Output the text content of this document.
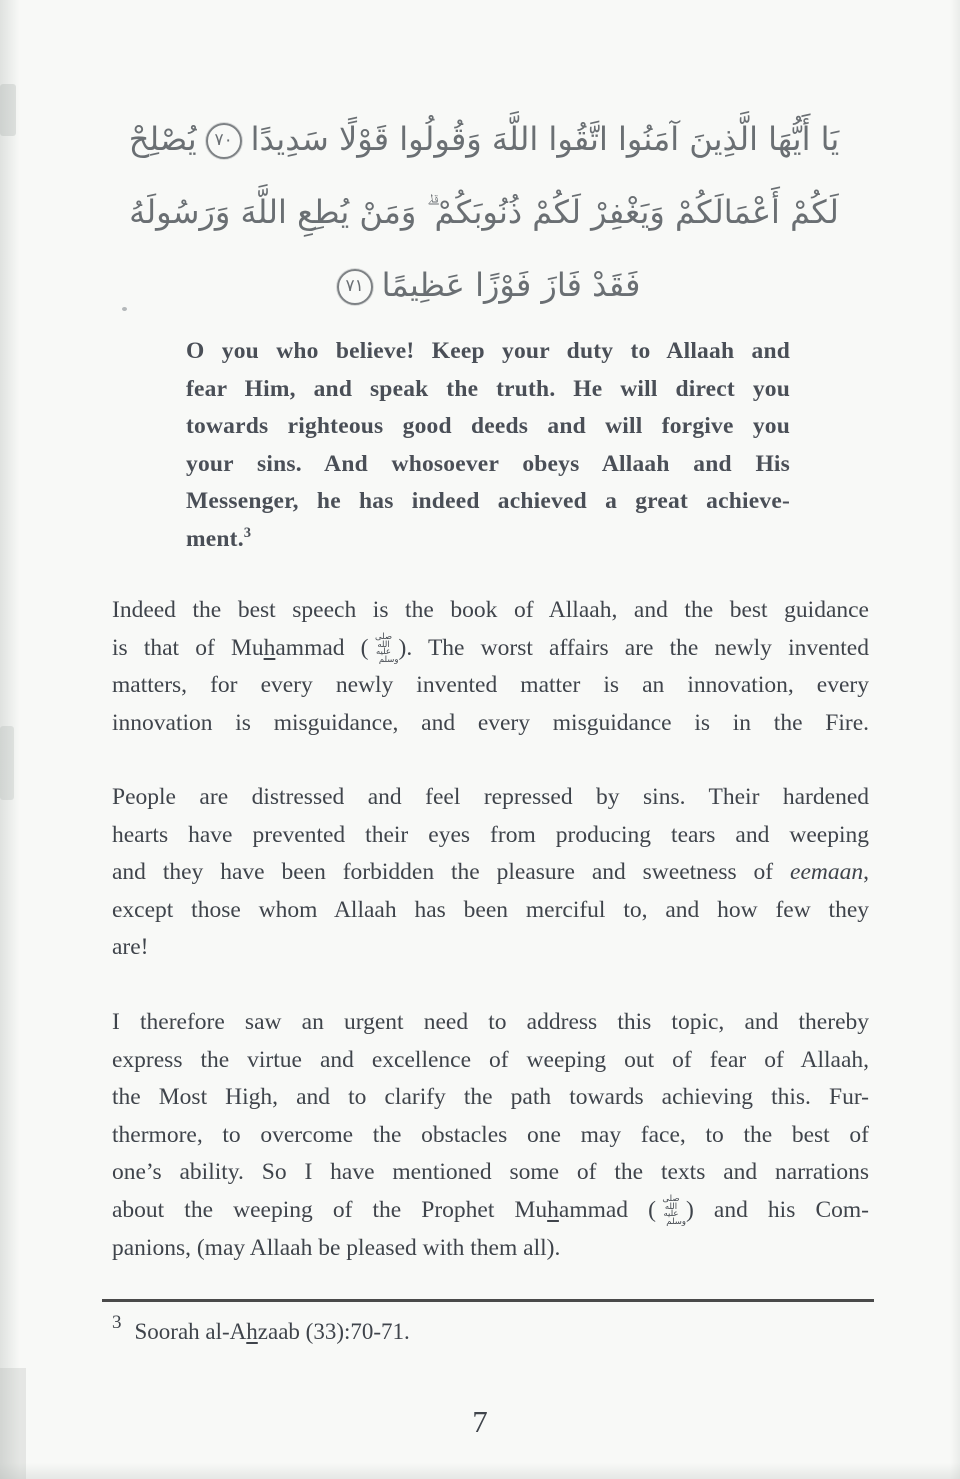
يَا أَيُّهَا الَّذِينَ آمَنُوا اتَّقُوا اللَّهَ وَقُولُوا قَوْلًا سَدِيدًا٧٠يُصْلِحْ
لَكُمْ أَعْمَالَكُمْ وَيَغْفِرْ لَكُمْ ذُنُوبَكُمْ ۗ وَمَنْ يُطِعِ اللَّهَ وَرَسُولَهُ
فَقَدْ فَازَ فَوْزًا عَظِيمًا٧١
O you who believe! Keep your duty to Allaah and
fear Him, and speak the truth. He will direct you
towards righteous good deeds and will forgive you
your sins. And whosoever obeys Allaah and His
Messenger, he has indeed achieved a great achieve-
ment.$^3$
Indeed the best speech is the book of Allaah, and the best guidance
is that of Muhammad ( صلى الله عليه وسلم). The worst affairs are the newly invented
matters, for every newly invented matter is an innovation, every
innovation is misguidance, and every misguidance is in the Fire.
People are distressed and feel repressed by sins. Their hardened
hearts have prevented their eyes from producing tears and weeping
and they have been forbidden the pleasure and sweetness of eemaan,
except those whom Allaah has been merciful to, and how few they
are!
I therefore saw an urgent need to address this topic, and thereby
express the virtue and excellence of weeping out of fear of Allaah,
the Most High, and to clarify the path towards achieving this. Fur-
thermore, to overcome the obstacles one may face, to the best of
one’s ability. So I have mentioned some of the texts and narrations
about the weeping of the Prophet Muhammad ( صلى الله عليه وسلم) and his Com-
panions, (may Allaah be pleased with them all).
3 Soorah al-Ahzaab (33):70-71.
7
